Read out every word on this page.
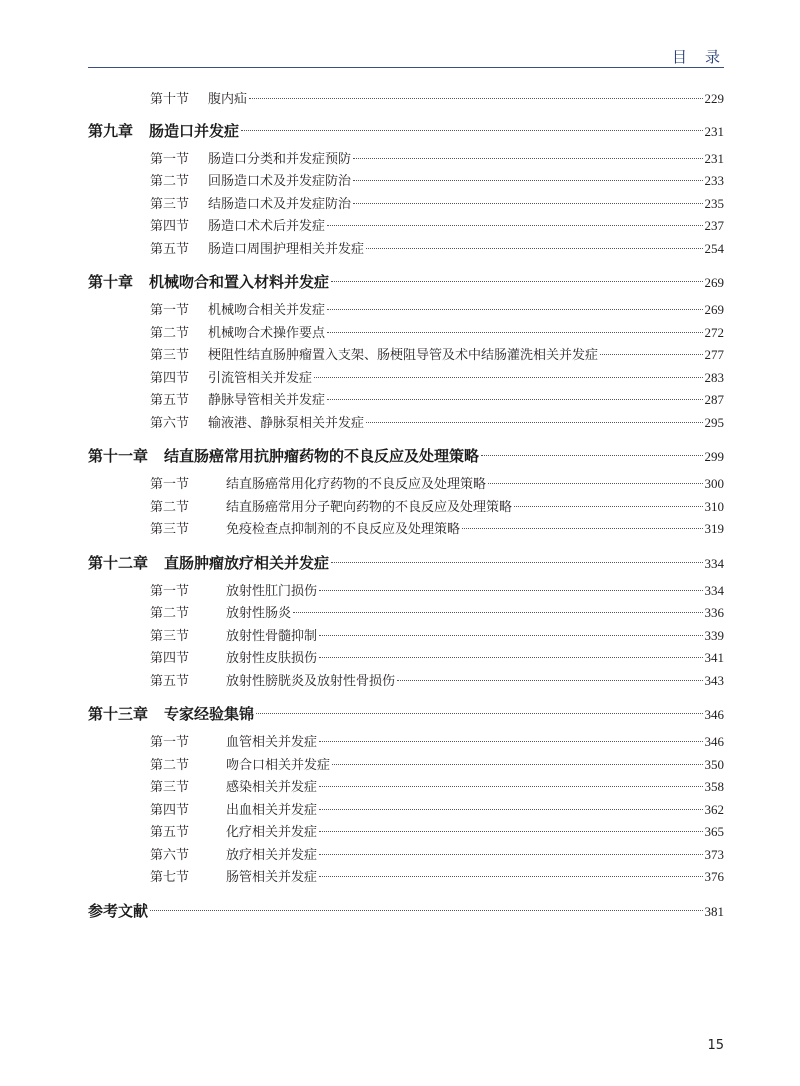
目录
第十节	腹内疝	229
第九章 肠造口并发症	231
第一节	肠造口分类和并发症预防	231
第二节	回肠造口术及并发症防治	233
第三节	结肠造口术及并发症防治	235
第四节	肠造口术术后并发症	237
第五节	肠造口周围护理相关并发症	254
第十章 机械吻合和置入材料并发症	269
第一节	机械吻合相关并发症	269
第二节	机械吻合术操作要点	272
第三节	梗阻性结直肠肿瘤置入支架、肠梗阻导管及术中结肠灌洗相关并发症	277
第四节	引流管相关并发症	283
第五节	静脉导管相关并发症	287
第六节	输液港、静脉泵相关并发症	295
第十一章 结直肠癌常用抗肿瘤药物的不良反应及处理策略	299
第一节	结直肠癌常用化疗药物的不良反应及处理策略	300
第二节	结直肠癌常用分子靶向药物的不良反应及处理策略	310
第三节	免疫检查点抑制剂的不良反应及处理策略	319
第十二章 直肠肿瘤放疗相关并发症	334
第一节	放射性肛门损伤	334
第二节	放射性肠炎	336
第三节	放射性骨髓抑制	339
第四节	放射性皮肤损伤	341
第五节	放射性膀胱炎及放射性骨损伤	343
第十三章 专家经验集锦	346
第一节	血管相关并发症	346
第二节	吻合口相关并发症	350
第三节	感染相关并发症	358
第四节	出血相关并发症	362
第五节	化疗相关并发症	365
第六节	放疗相关并发症	373
第七节	肠管相关并发症	376
参考文献	381
15
